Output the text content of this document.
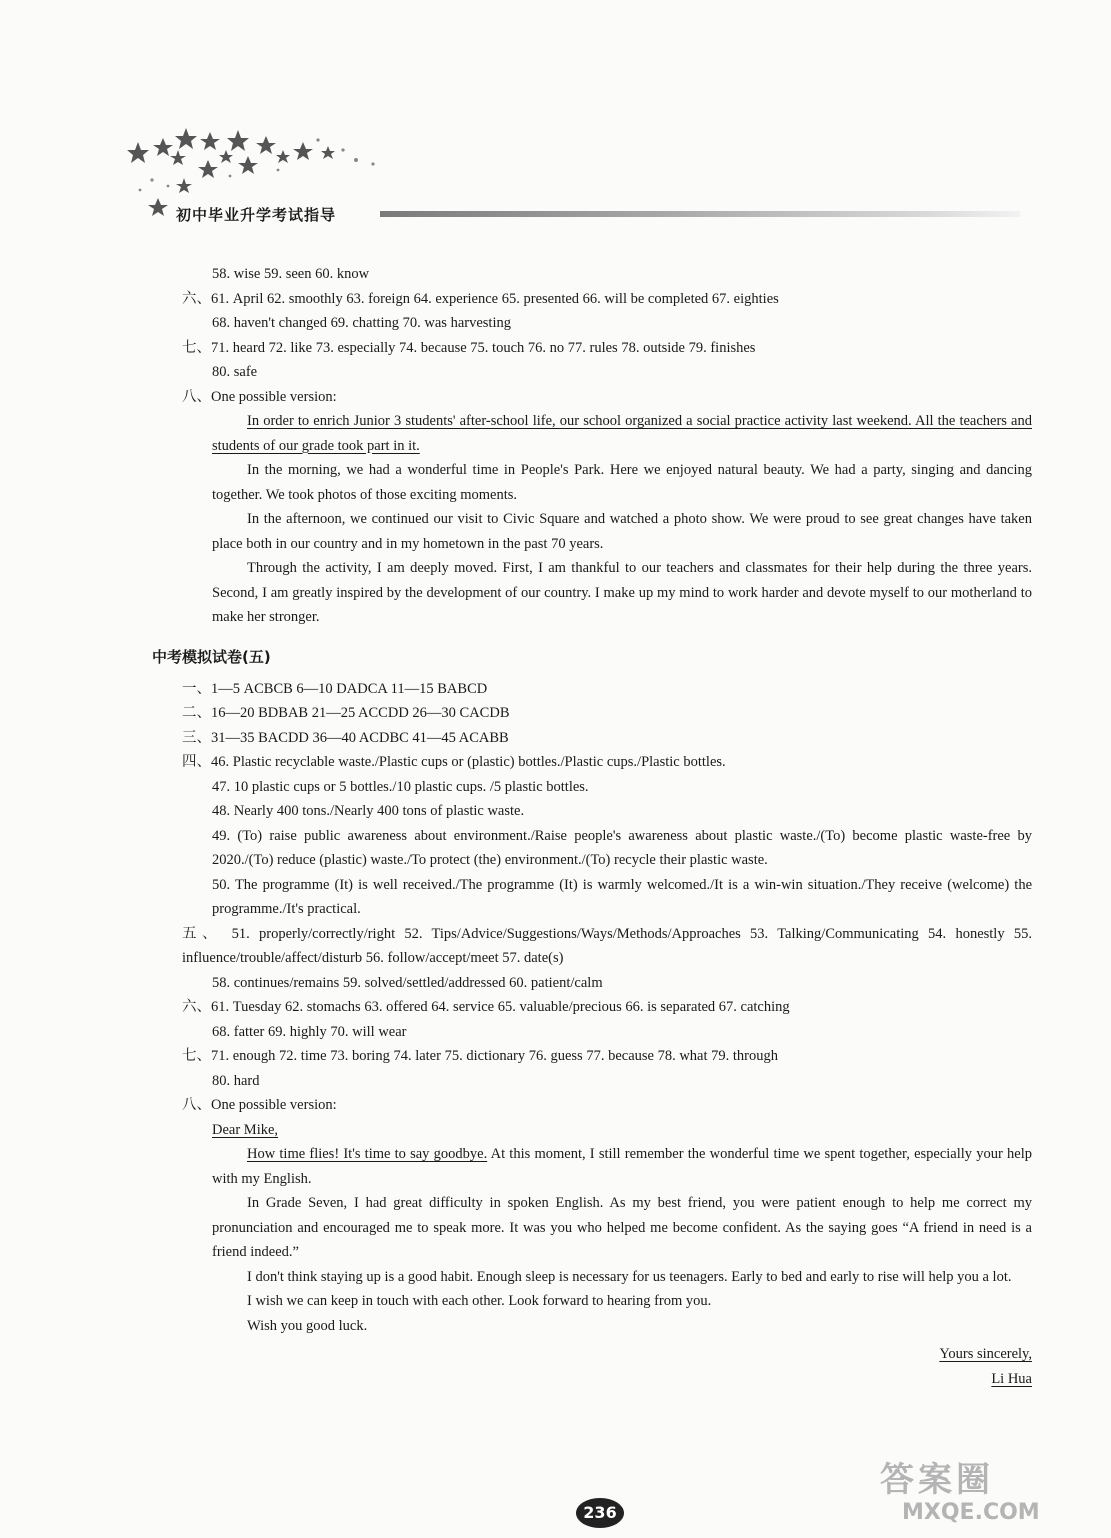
初中毕业升学考试指导
58. wise 59. seen 60. know
六、61. April 62. smoothly 63. foreign 64. experience 65. presented 66. will be completed 67. eighties
68. haven't changed 69. chatting 70. was harvesting
七、71. heard 72. like 73. especially 74. because 75. touch 76. no 77. rules 78. outside 79. finishes
80. safe
八、One possible version:
In order to enrich Junior 3 students' after-school life, our school organized a social practice activity last weekend. All the teachers and students of our grade took part in it.
In the morning, we had a wonderful time in People's Park. Here we enjoyed natural beauty. We had a party, singing and dancing together. We took photos of those exciting moments.
In the afternoon, we continued our visit to Civic Square and watched a photo show. We were proud to see great changes have taken place both in our country and in my hometown in the past 70 years.
Through the activity, I am deeply moved. First, I am thankful to our teachers and classmates for their help during the three years. Second, I am greatly inspired by the development of our country. I make up my mind to work harder and devote myself to our motherland to make her stronger.
中考模拟试卷(五)
一、1—5 ACBCB 6—10 DADCA 11—15 BABCD
二、16—20 BDBAB 21—25 ACCDD 26—30 CACDB
三、31—35 BACDD 36—40 ACDBC 41—45 ACABB
四、46. Plastic recyclable waste./Plastic cups or (plastic) bottles./Plastic cups./Plastic bottles.
47. 10 plastic cups or 5 bottles./10 plastic cups. /5 plastic bottles.
48. Nearly 400 tons./Nearly 400 tons of plastic waste.
49. (To) raise public awareness about environment./Raise people's awareness about plastic waste./(To) become plastic waste-free by 2020./(To) reduce (plastic) waste./To protect (the) environment./(To) recycle their plastic waste.
50. The programme (It) is well received./The programme (It) is warmly welcomed./It is a win-win situation./They receive (welcome) the programme./It's practical.
五、 51. properly/correctly/right 52. Tips/Advice/Suggestions/Ways/Methods/Approaches 53. Talking/Communicating 54. honestly 55. influence/trouble/affect/disturb 56. follow/accept/meet 57. date(s)
58. continues/remains 59. solved/settled/addressed 60. patient/calm
六、61. Tuesday 62. stomachs 63. offered 64. service 65. valuable/precious 66. is separated 67. catching
68. fatter 69. highly 70. will wear
七、71. enough 72. time 73. boring 74. later 75. dictionary 76. guess 77. because 78. what 79. through
80. hard
八、One possible version:
Dear Mike,
How time flies! It's time to say goodbye. At this moment, I still remember the wonderful time we spent together, especially your help with my English.
In Grade Seven, I had great difficulty in spoken English. As my best friend, you were patient enough to help me correct my pronunciation and encouraged me to speak more. It was you who helped me become confident. As the saying goes “A friend in need is a friend indeed.”
I don't think staying up is a good habit. Enough sleep is necessary for us teenagers. Early to bed and early to rise will help you a lot.
I wish we can keep in touch with each other. Look forward to hearing from you.
Wish you good luck.
Yours sincerely,
Li Hua
236
答案圈
MXQE.COM
